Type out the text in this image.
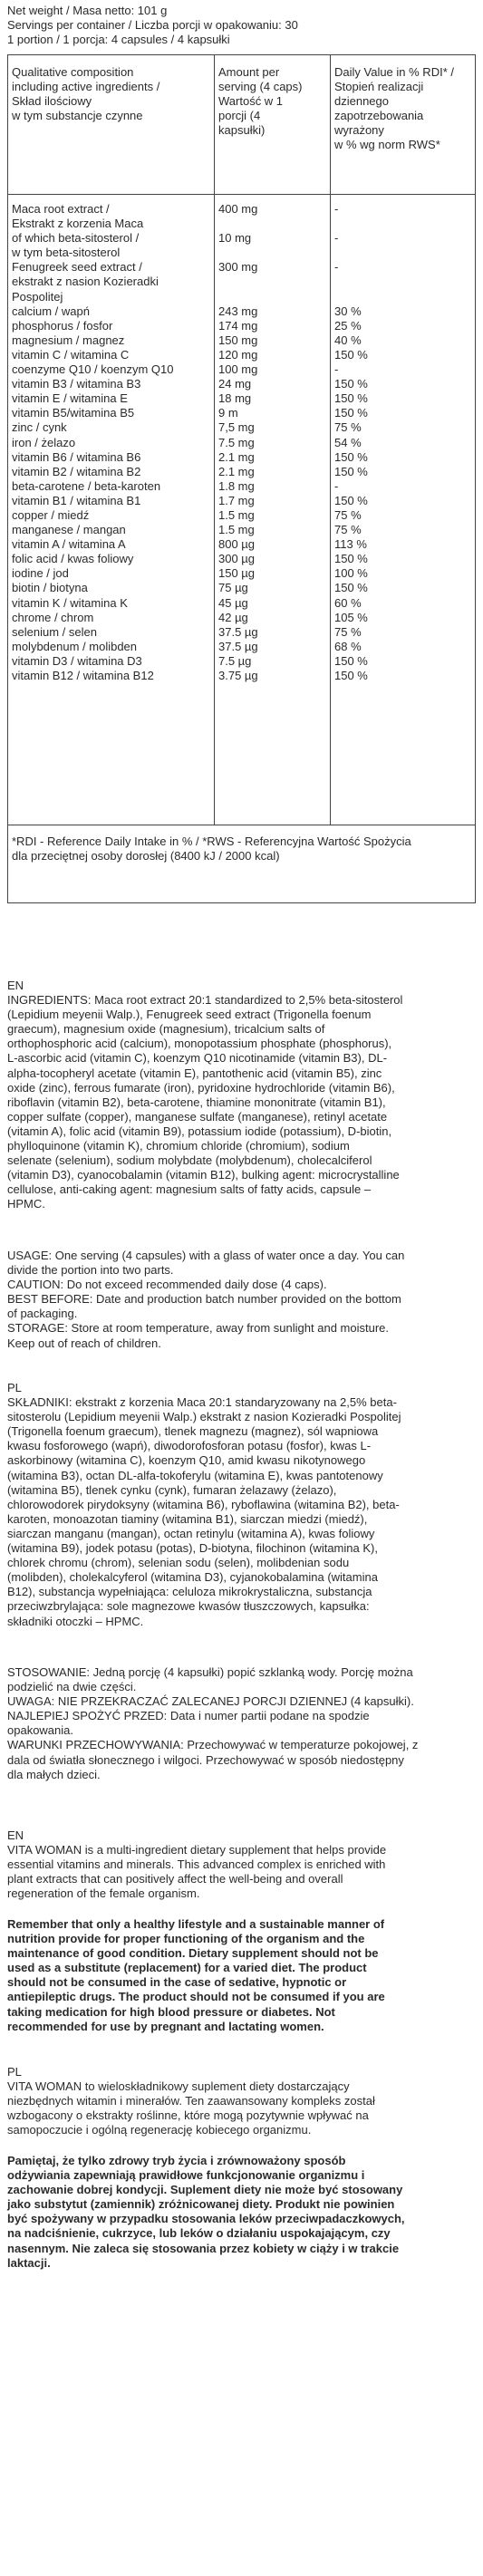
Net weight / Masa netto: 101 g
Servings per container / Liczba porcji w opakowaniu: 30
1 portion / 1 porcja: 4 capsules / 4 kapsułki
Qualitative composition
including active ingredients /
Skład ilościowy
w tym substancje czynne
Amount per
serving (4 caps)
Wartość w 1
porcji (4
kapsułki)
Daily Value in % RDI* /
Stopień realizacji
dziennego
zapotrzebowania
wyrażony
w % wg norm RWS*
Maca root extract /
Ekstrakt z korzenia Maca
of which beta-sitosterol /
w tym beta-sitosterol
Fenugreek seed extract /
ekstrakt z nasion Kozieradki
Pospolitej
calcium / wapń
phosphorus / fosfor
magnesium / magnez
vitamin C / witamina C
coenzyme Q10 / koenzym Q10
vitamin B3 / witamina B3
vitamin E / witamina E
vitamin B5/witamina B5
zinc / cynk
iron / żelazo
vitamin B6 / witamina B6
vitamin B2 / witamina B2
beta-carotene / beta-karoten
vitamin B1 / witamina B1
copper / miedź
manganese / mangan
vitamin A / witamina A
folic acid / kwas foliowy
iodine / jod
biotin / biotyna
vitamin K / witamina K
chrome / chrom
selenium / selen
molybdenum / molibden
vitamin D3 / witamina D3
vitamin B12 / witamina B12
400 mg

10 mg

300 mg

243 mg
174 mg
150 mg
120 mg
100 mg
24 mg
18 mg
9 m
7,5 mg
7.5 mg
2.1 mg
2.1 mg
1.8 mg
1.7 mg
1.5 mg
1.5 mg
800 µg
300 µg
150 µg
75 µg
45 µg
42 µg
37.5 µg
37.5 µg
7.5 µg
3.75 µg
-

-

-

30 %
25 %
40 %
150 %
-
150 %
150 %
150 %
75 %
54 %
150 %
150 %
-
150 %
75 %
75 %
113 %
150 %
100 %
150 %
60 %
105 %
75 %
68 %
150 %
150 %
*RDI - Reference Daily Intake in % / *RWS - Referencyjna Wartość Spożycia
dla przeciętnej osoby dorosłej (8400 kJ / 2000 kcal)

EN

INGREDIENTS: Maca root extract 20:1 standardized to 2,5% beta-sitosterol
(Lepidium meyenii Walp.), Fenugreek seed extract (Trigonella foenum
graecum), magnesium oxide (magnesium), tricalcium salts of
orthophosphoric acid (calcium), monopotassium phosphate (phosphorus),
L-ascorbic acid (vitamin C), koenzym Q10 nicotinamide (vitamin B3), DL-
alpha-tocopheryl acetate (vitamin E), pantothenic acid (vitamin B5), zinc
oxide (zinc), ferrous fumarate (iron), pyridoxine hydrochloride (vitamin B6),
riboflavin (vitamin B2), beta-carotene, thiamine mononitrate (vitamin B1),
copper sulfate (copper), manganese sulfate (manganese), retinyl acetate
(vitamin A), folic acid (vitamin B9), potassium iodide (potassium), D-biotin,
phylloquinone (vitamin K), chromium chloride (chromium), sodium
selenate (selenium), sodium molybdate (molybdenum), cholecalciferol
(vitamin D3), cyanocobalamin (vitamin B12), bulking agent: microcrystalline
cellulose, anti-caking agent: magnesium salts of fatty acids, capsule –
HPMC.
USAGE: One serving (4 capsules) with a glass of water once a day. You can
divide the portion into two parts.
CAUTION: Do not exceed recommended daily dose (4 caps).
BEST BEFORE: Date and production batch number provided on the bottom
of packaging.
STORAGE: Store at room temperature, away from sunlight and moisture.
Keep out of reach of children.

PL

SKŁADNIKI: ekstrakt z korzenia Maca 20:1 standaryzowany na 2,5% beta-
sitosterolu (Lepidium meyenii Walp.) ekstrakt z nasion Kozieradki Pospolitej
(Trigonella foenum graecum), tlenek magnezu (magnez), sól wapniowa
kwasu fosforowego (wapń), diwodorofosforan potasu (fosfor), kwas L-
askorbinowy (witamina C), koenzym Q10, amid kwasu nikotynowego
(witamina B3), octan DL-alfa-tokoferylu (witamina E), kwas pantotenowy
(witamina B5), tlenek cynku (cynk), fumaran żelazawy (żelazo),
chlorowodorek pirydoksyny (witamina B6), ryboflawina (witamina B2), beta-
karoten, monoazotan tiaminy (witamina B1), siarczan miedzi (miedź),
siarczan manganu (mangan), octan retinylu (witamina A), kwas foliowy
(witamina B9), jodek potasu (potas), D-biotyna, filochinon (witamina K),
chlorek chromu (chrom), selenian sodu (selen), molibdenian sodu
(molibden), cholekalcyferol (witamina D3), cyjanokobalamina (witamina
B12), substancja wypełniająca: celuloza mikrokrystaliczna, substancja
przeciwzbrylająca: sole magnezowe kwasów tłuszczowych, kapsułka:
składniki otoczki – HPMC.
STOSOWANIE: Jedną porcję (4 kapsułki) popić szklanką wody. Porcję można
podzielić na dwie części.
UWAGA: NIE PRZEKRACZAĆ ZALECANEJ PORCJI DZIENNEJ (4 kapsułki).
NAJLEPIEJ SPOŻYĆ PRZED: Data i numer partii podane na spodzie
opakowania.
WARUNKI PRZECHOWYWANIA: Przechowywać w temperaturze pokojowej, z
dala od światła słonecznego i wilgoci. Przechowywać w sposób niedostępny
dla małych dzieci.

EN

VITA WOMAN is a multi-ingredient dietary supplement that helps provide
essential vitamins and minerals. This advanced complex is enriched with
plant extracts that can positively affect the well-being and overall
regeneration of the female organism.
Remember that only a healthy lifestyle and a sustainable manner of
nutrition provide for proper functioning of the organism and the
maintenance of good condition. Dietary supplement should not be
used as a substitute (replacement) for a varied diet. The product
should not be consumed in the case of sedative, hypnotic or
antiepileptic drugs. The product should not be consumed if you are
taking medication for high blood pressure or diabetes. Not
recommended for use by pregnant and lactating women.

PL

VITA WOMAN to wieloskładnikowy suplement diety dostarczający
niezbędnych witamin i minerałów. Ten zaawansowany kompleks został
wzbogacony o ekstrakty roślinne, które mogą pozytywnie wpływać na
samopoczucie i ogólną regenerację kobiecego organizmu.
Pamiętaj, że tylko zdrowy tryb życia i zrównoważony sposób
odżywiania zapewniają prawidłowe funkcjonowanie organizmu i
zachowanie dobrej kondycji. Suplement diety nie może być stosowany
jako substytut (zamiennik) zróżnicowanej diety. Produkt nie powinien
być spożywany w przypadku stosowania leków przeciwpadaczkowych,
na nadciśnienie, cukrzyce, lub leków o działaniu uspokajającym, czy
nasennym. Nie zaleca się stosowania przez kobiety w ciąży i w trakcie
laktacji.
